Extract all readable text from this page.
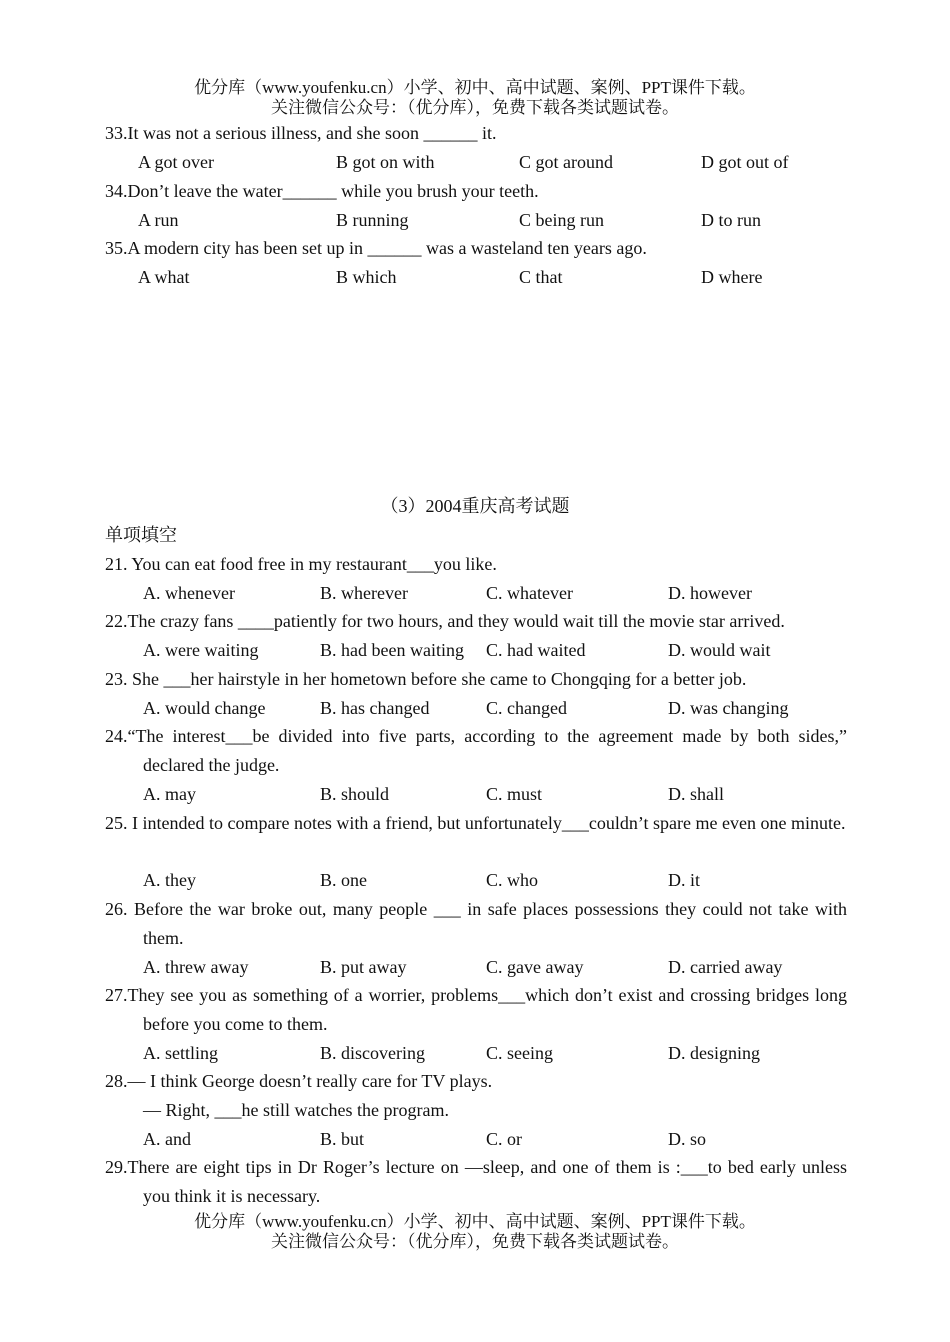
优分库（www.youfenku.cn）小学、初中、高中试题、案例、PPT课件下载。
关注微信公众号：（优分库），免费下载各类试题试卷。
33.It was not a serious illness, and she soon ______ it.
A got over	B got on with	C got around	D got out of
34.Don’t leave the water______ while you brush your teeth.
A run	B running	C being run	D to run
35.A modern city has been set up in ______ was a wasteland ten years ago.
A what	B which	C that	D where
（3）2004重庆高考试题
单项填空
21. You can eat food free in my restaurant___you like.
A. whenever	B. wherever	C. whatever	D. however
22.The crazy fans ____patiently for two hours, and they would wait till the movie star arrived.
A. were waiting	B. had been waiting C. had waited	D. would wait
23. She ___her hairstyle in her hometown before she came to Chongqing for a better job.
A. would change	B. has changed	C. changed	D. was changing
24.“The interest___be divided into five parts, according to the agreement made by both sides,” declared the judge.
A. may	B. should	C. must	D. shall
25. I intended to compare notes with a friend, but unfortunately___couldn’t spare me even one minute.
A. they	B. one	C. who	D. it
26. Before the war broke out, many people ___ in safe places possessions they could not take with them.
A. threw away	B. put away	C. gave away	D. carried away
27.They see you as something of a worrier, problems___which don’t exist and crossing bridges long before you come to them.
A. settling	B. discovering	C. seeing	D. designing
28.— I think George doesn’t really care for TV plays.
— Right, ___he still watches the program.
A. and	B. but	C. or	D. so
29.There are eight tips in Dr Roger’s lecture on —sleep, and one of them is :___to bed early unless you think it is necessary.
优分库（www.youfenku.cn）小学、初中、高中试题、案例、PPT课件下载。
关注微信公众号：（优分库），免费下载各类试题试卷。
